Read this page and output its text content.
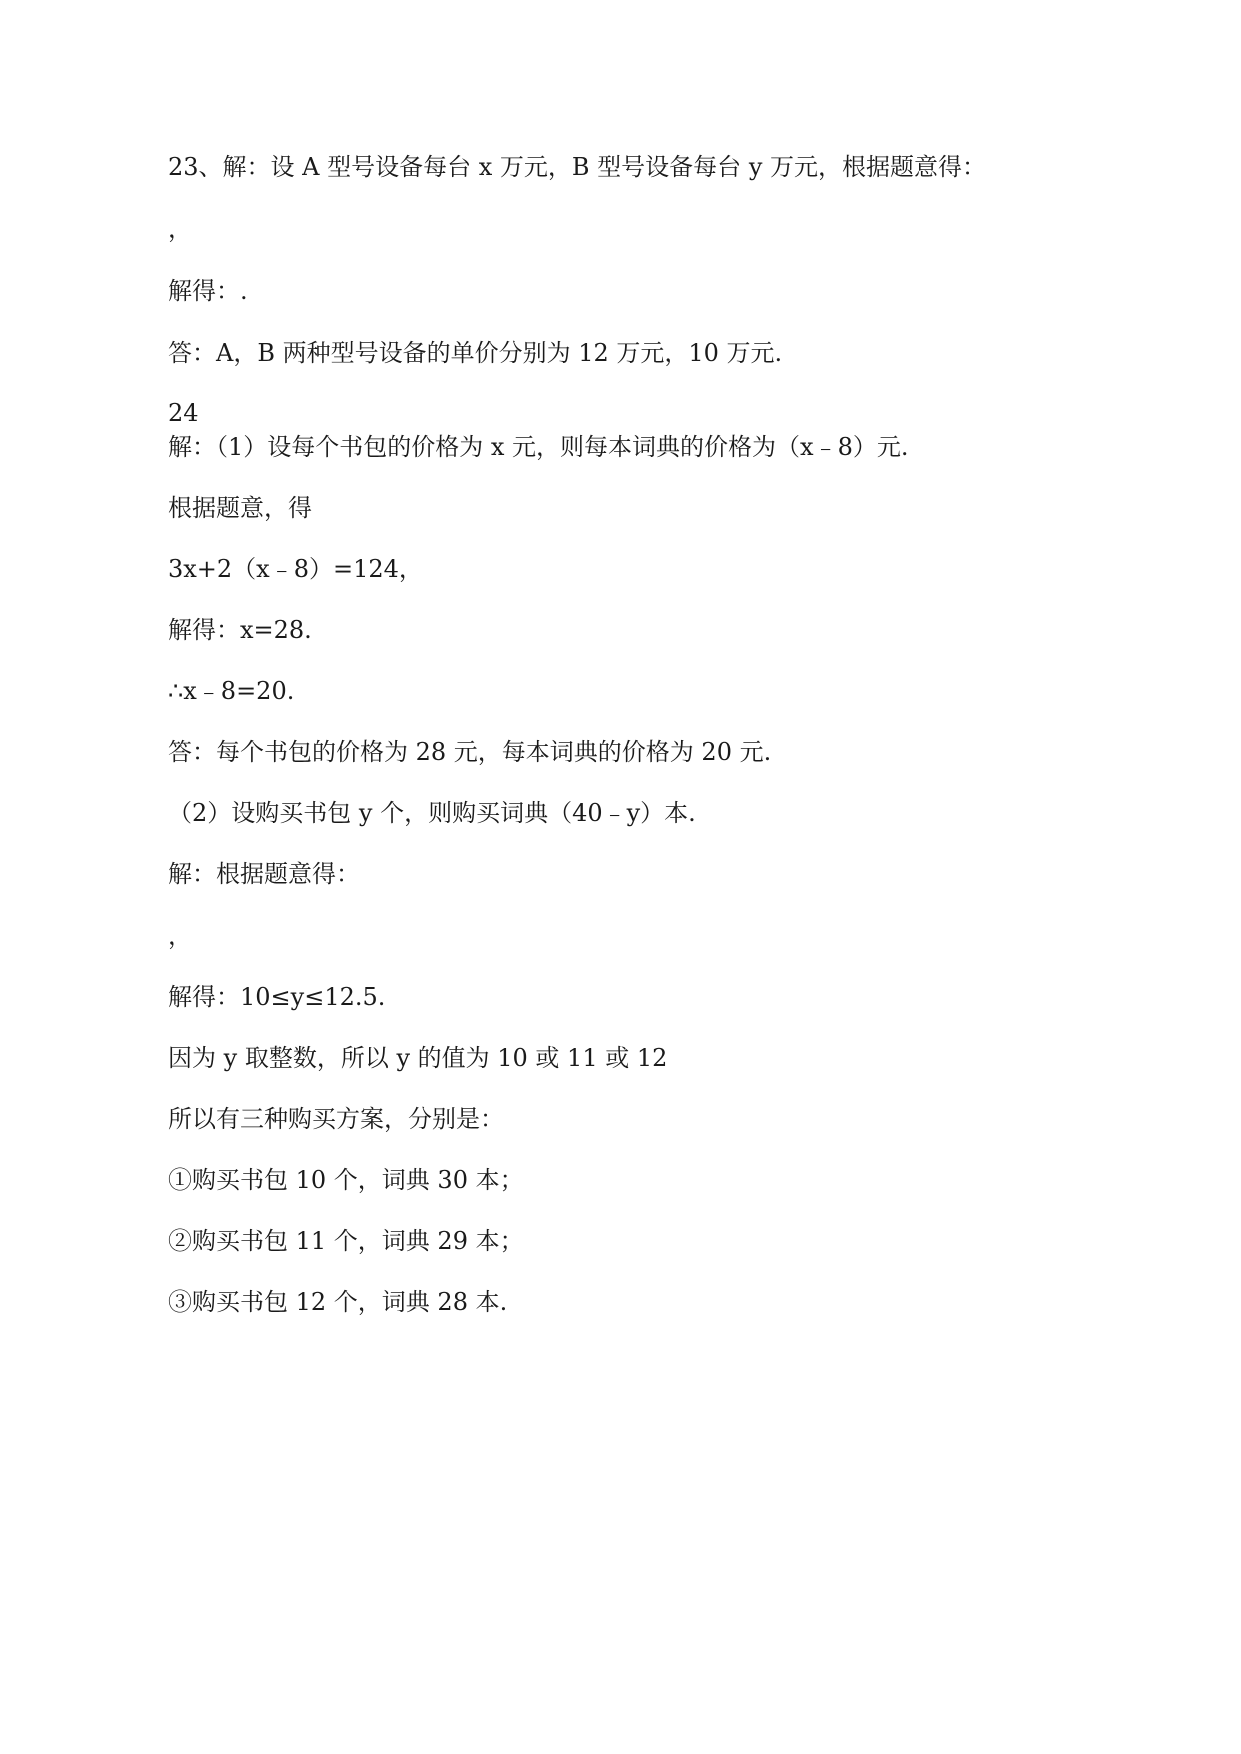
23、解：设 A 型号设备每台 x 万元，B 型号设备每台 y 万元，根据题意得：

，

解得：.

答：A，B 两种型号设备的单价分别为 12 万元，10 万元.

24

解：（1）设每个书包的价格为 x 元，则每本词典的价格为（x﹣8）元.

根据题意，得

3x+2（x﹣8）=124，

解得：x=28.

∴x﹣8=20.

答：每个书包的价格为 28 元，每本词典的价格为 20 元.

（2）设购买书包 y 个，则购买词典（40﹣y）本.

解：根据题意得：

，

解得：10≤y≤12.5.

因为 y 取整数，所以 y 的值为 10 或 11 或 12

所以有三种购买方案，分别是：

①购买书包 10 个，词典 30 本；

②购买书包 11 个，词典 29 本；

③购买书包 12 个，词典 28 本.
